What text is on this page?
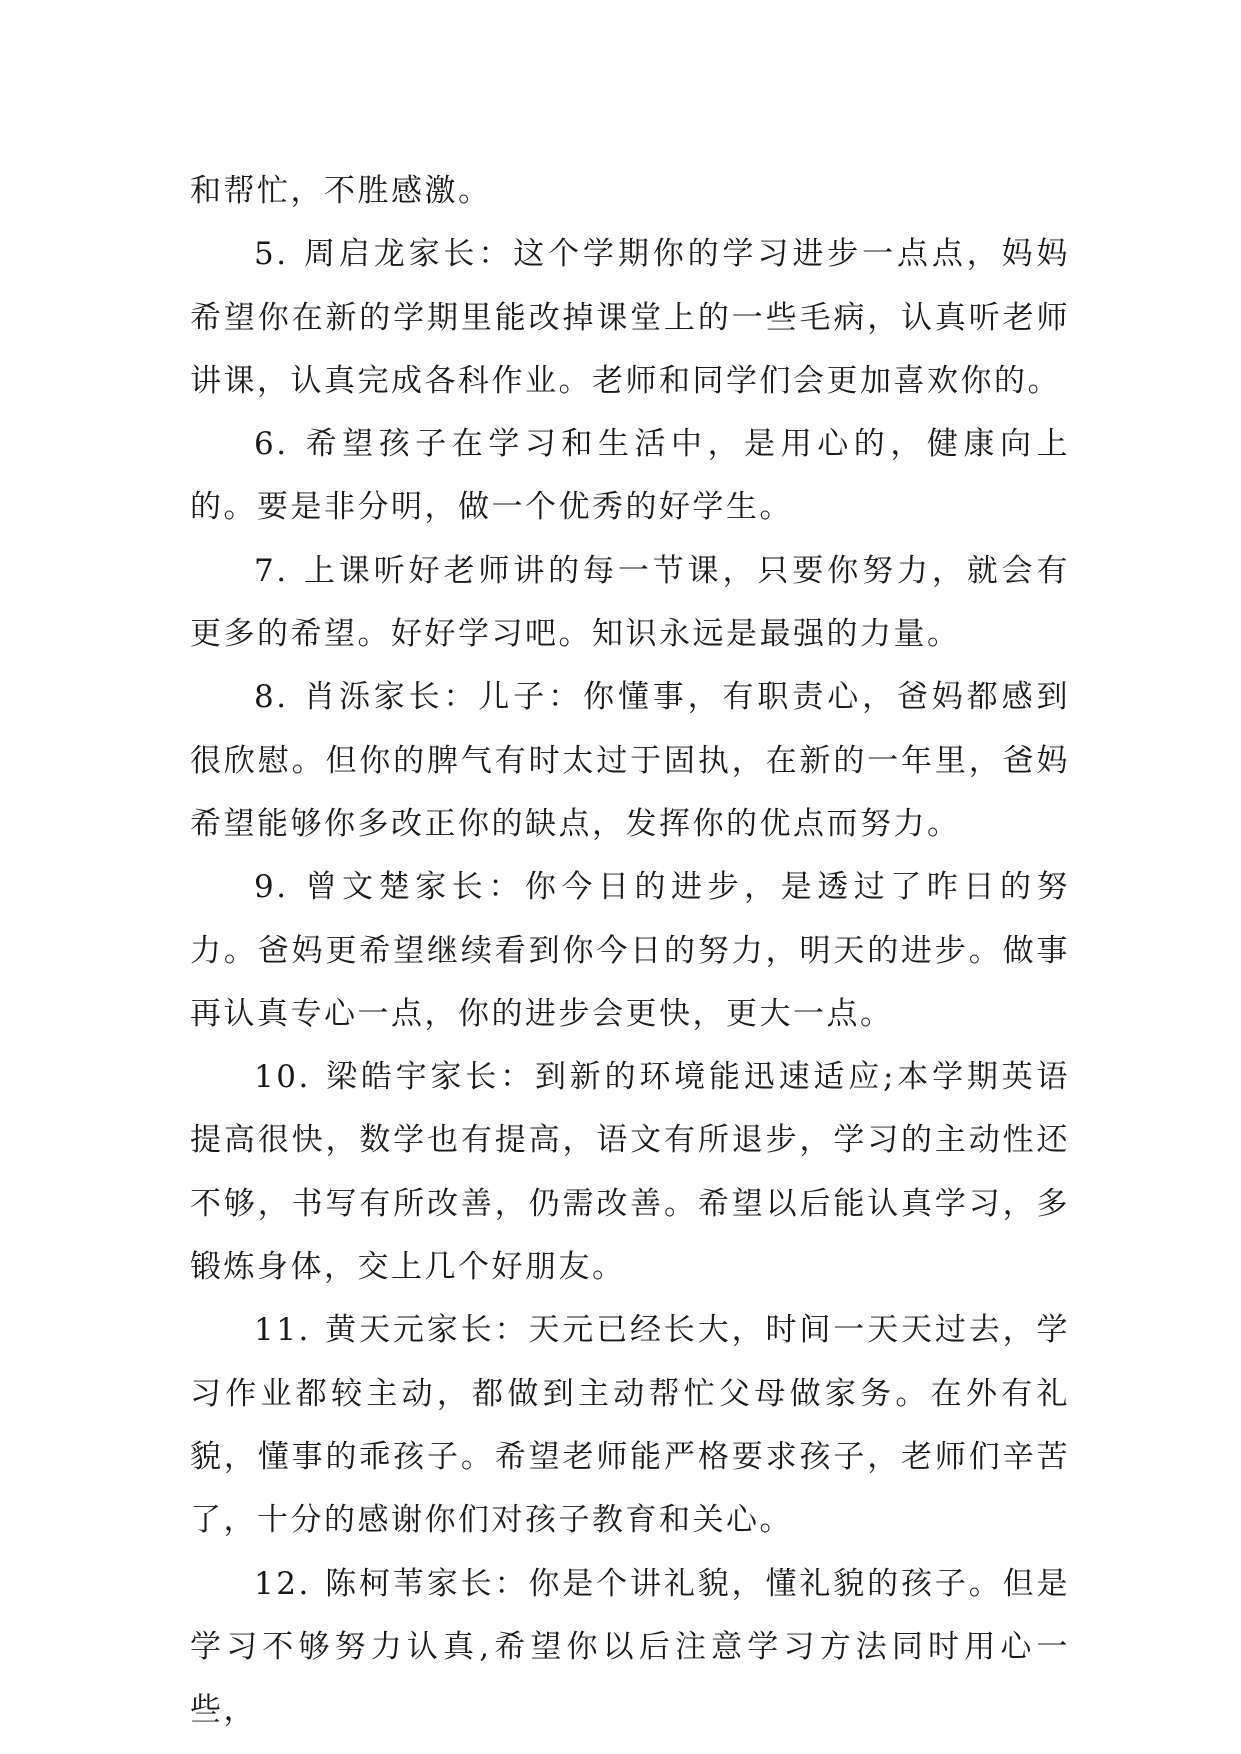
和帮忙，不胜感激。

5. 周启龙家长：这个学期你的学习进步一点点，妈妈希望你在新的学期里能改掉课堂上的一些毛病，认真听老师讲课，认真完成各科作业。老师和同学们会更加喜欢你的。

6. 希望孩子在学习和生活中，是用心的，健康向上的。要是非分明，做一个优秀的好学生。

7. 上课听好老师讲的每一节课，只要你努力，就会有更多的希望。好好学习吧。知识永远是最强的力量。

8. 肖泺家长：儿子：你懂事，有职责心，爸妈都感到很欣慰。但你的脾气有时太过于固执，在新的一年里，爸妈希望能够你多改正你的缺点，发挥你的优点而努力。

9. 曾文楚家长：你今日的进步，是透过了昨日的努力。爸妈更希望继续看到你今日的努力，明天的进步。做事再认真专心一点，你的进步会更快，更大一点。

10. 梁皓宇家长：到新的环境能迅速适应;本学期英语提高很快，数学也有提高，语文有所退步，学习的主动性还不够，书写有所改善，仍需改善。希望以后能认真学习，多锻炼身体，交上几个好朋友。

11. 黄天元家长：天元已经长大，时间一天天过去，学习作业都较主动，都做到主动帮忙父母做家务。在外有礼貌，懂事的乖孩子。希望老师能严格要求孩子，老师们辛苦了，十分的感谢你们对孩子教育和关心。

12. 陈柯苇家长：你是个讲礼貌，懂礼貌的孩子。但是学习不够努力认真,希望你以后注意学习方法同时用心一些，
